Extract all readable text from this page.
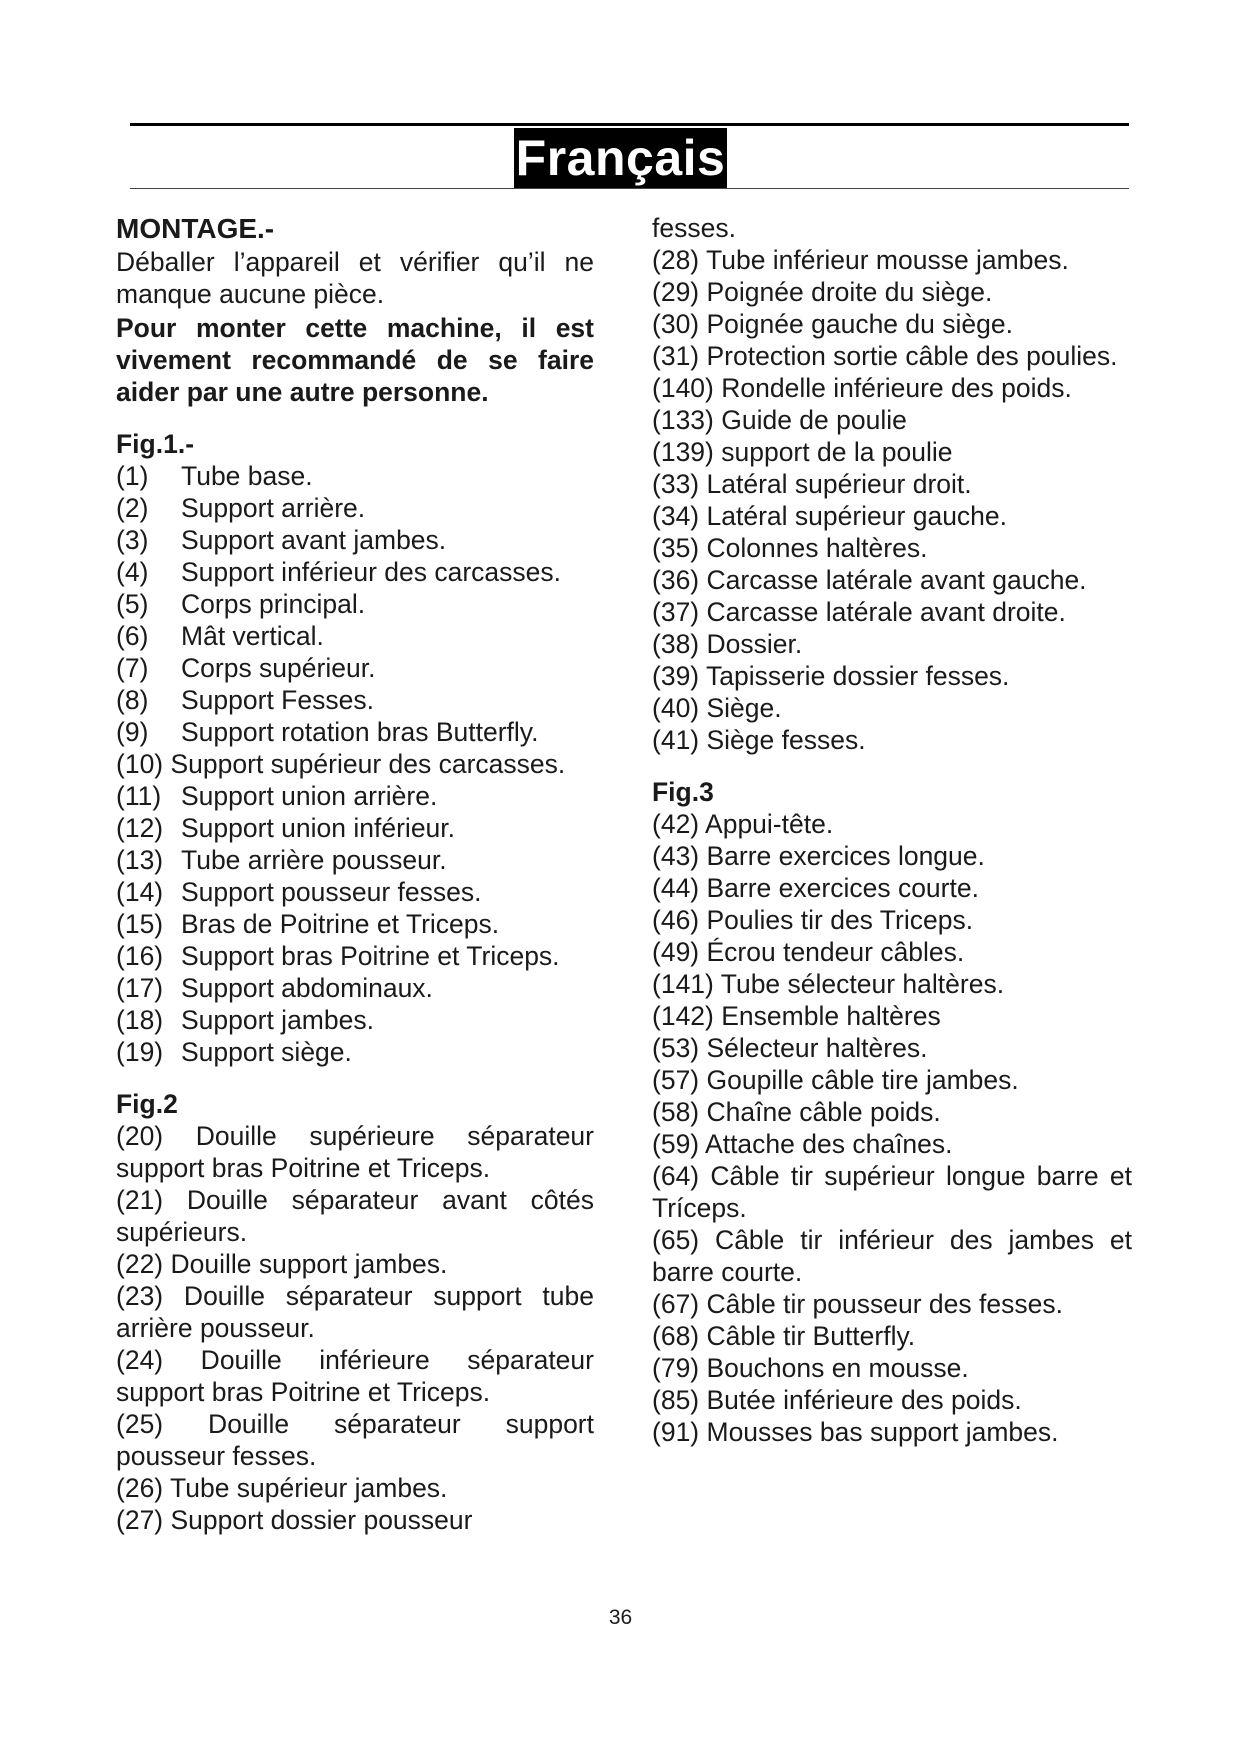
Français

MONTAGE.-

Déballer l’appareil et vérifier qu’il ne manque aucune pièce.

Pour monter cette machine, il est vivement recommandé de se faire aider par une autre personne.

Fig.1.-
(1)	Tube base.
(2)	Support arrière.
(3)	Support avant jambes.
(4)	Support inférieur des carcasses.
(5)	Corps principal.
(6)	Mât vertical.
(7)	Corps supérieur.
(8)	Support Fesses.
(9)	Support rotation bras Butterfly.

(10) Support supérieur des carcasses.

(11) Support union arrière.
(12) Support union inférieur.
(13) Tube arrière pousseur.
(14) Support pousseur fesses.
(15) Bras de Poitrine et Triceps.
(16) Support bras Poitrine et Triceps.
(17) Support abdominaux.
(18) Support jambes.
(19) Support siège.
Fig.2

(20) Douille supérieure séparateur support bras Poitrine et Triceps.

(21) Douille séparateur avant côtés supérieurs.

(22) Douille support jambes.

(23) Douille séparateur support tube arrière pousseur.

(24) Douille inférieure séparateur support bras Poitrine et Triceps.

(25) Douille séparateur support pousseur fesses.

(26) Tube supérieur jambes.

(27) Support dossier pousseur

fesses.

(28) Tube inférieur mousse jambes.

(29) Poignée droite du siège.

(30) Poignée gauche du siège.

(31) Protection sortie câble des poulies.

(140) Rondelle inférieure des poids.

(133) Guide de poulie

(139) support de la poulie

(33) Latéral supérieur droit.

(34) Latéral supérieur gauche.

(35) Colonnes haltères.

(36) Carcasse latérale avant gauche.

(37) Carcasse latérale avant droite.

(38) Dossier.

(39) Tapisserie dossier fesses.

(40) Siège.

(41) Siège fesses.

Fig.3

(42) Appui-tête.

(43) Barre exercices longue.

(44) Barre exercices courte.

(46) Poulies tir des Triceps.

(49) Écrou tendeur câbles.

(141) Tube sélecteur haltères.

(142) Ensemble haltères

(53) Sélecteur haltères.

(57) Goupille câble tire jambes.

(58) Chaîne câble poids.

(59) Attache des chaînes.

(64) Câble tir supérieur longue barre et Tríceps.

(65) Câble tir inférieur des jambes et barre courte.

(67) Câble tir pousseur des fesses.

(68) Câble tir Butterfly.

(79) Bouchons en mousse.

(85) Butée inférieure des poids.

(91) Mousses bas support jambes.

36
